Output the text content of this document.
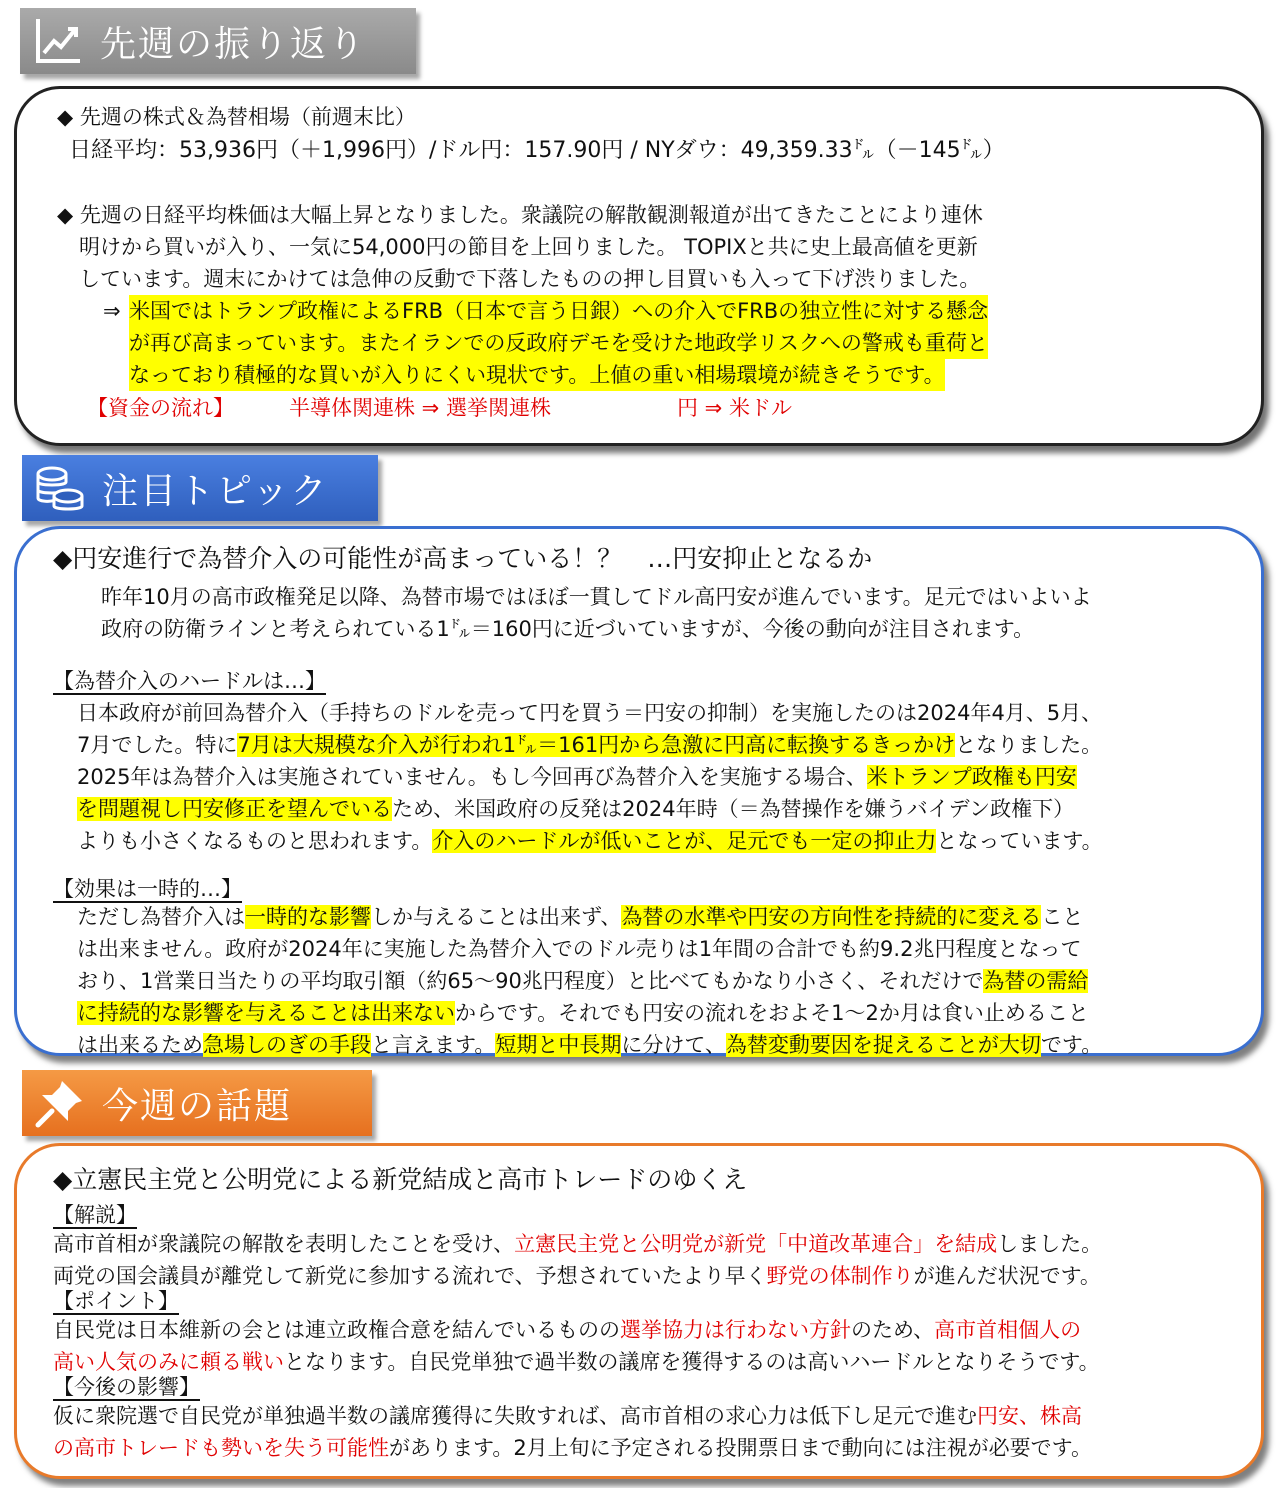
先週の振り返り
◆ 先週の株式＆為替相場（前週末比）
日経平均：53,936円（＋1,996円）/ドル円：157.90円 / NYダウ：49,359.33㌦（－145㌦）
◆ 先週の日経平均株価は大幅上昇となりました。衆議院の解散観測報道が出てきたことにより連休
明けから買いが入り、一気に54,000円の節目を上回りました。 TOPIXと共に史上最高値を更新
しています。週末にかけては急伸の反動で下落したものの押し目買いも入って下げ渋りました。
⇒ 米国ではトランプ政権によるFRB（日本で言う日銀）への介入でFRBの独立性に対する懸念
が再び高まっています。またイランでの反政府デモを受けた地政学リスクへの警戒も重荷と
なっており積極的な買いが入りにくい現状です。上値の重い相場環境が続きそうです。
【資金の流れ】	半導体関連株 ⇒ 選挙関連株	円 ⇒ 米ドル
注目トピック
◆円安進行で為替介入の可能性が高まっている！？　…円安抑止となるか
昨年10月の高市政権発足以降、為替市場ではほぼ一貫してドル高円安が進んでいます。足元ではいよいよ
政府の防衛ラインと考えられている1㌦＝160円に近づいていますが、今後の動向が注目されます。
【為替介入のハードルは…】
日本政府が前回為替介入（手持ちのドルを売って円を買う＝円安の抑制）を実施したのは2024年4月、5月、
7月でした。特に7月は大規模な介入が行われ1㌦＝161円から急激に円高に転換するきっかけとなりました。
2025年は為替介入は実施されていません。もし今回再び為替介入を実施する場合、米トランプ政権も円安
を問題視し円安修正を望んでいるため、米国政府の反発は2024年時（＝為替操作を嫌うバイデン政権下）
よりも小さくなるものと思われます。介入のハードルが低いことが、足元でも一定の抑止力となっています。
【効果は一時的…】
ただし為替介入は一時的な影響しか与えることは出来ず、為替の水準や円安の方向性を持続的に変えること
は出来ません。政府が2024年に実施した為替介入でのドル売りは1年間の合計でも約9.2兆円程度となって
おり、1営業日当たりの平均取引額（約65～90兆円程度）と比べてもかなり小さく、それだけで為替の需給
に持続的な影響を与えることは出来ないからです。それでも円安の流れをおよそ1～2か月は食い止めること
は出来るため急場しのぎの手段と言えます。短期と中長期に分けて、為替変動要因を捉えることが大切です。
今週の話題
◆立憲民主党と公明党による新党結成と高市トレードのゆくえ
【解説】
高市首相が衆議院の解散を表明したことを受け、立憲民主党と公明党が新党「中道改革連合」を結成しました。
両党の国会議員が離党して新党に参加する流れで、予想されていたより早く野党の体制作りが進んだ状況です。
【ポイント】
自民党は日本維新の会とは連立政権合意を結んでいるものの選挙協力は行わない方針のため、高市首相個人の
高い人気のみに頼る戦いとなります。自民党単独で過半数の議席を獲得するのは高いハードルとなりそうです。
【今後の影響】
仮に衆院選で自民党が単独過半数の議席獲得に失敗すれば、高市首相の求心力は低下し足元で進む円安、株高
の高市トレードも勢いを失う可能性があります。2月上旬に予定される投開票日まで動向には注視が必要です。
